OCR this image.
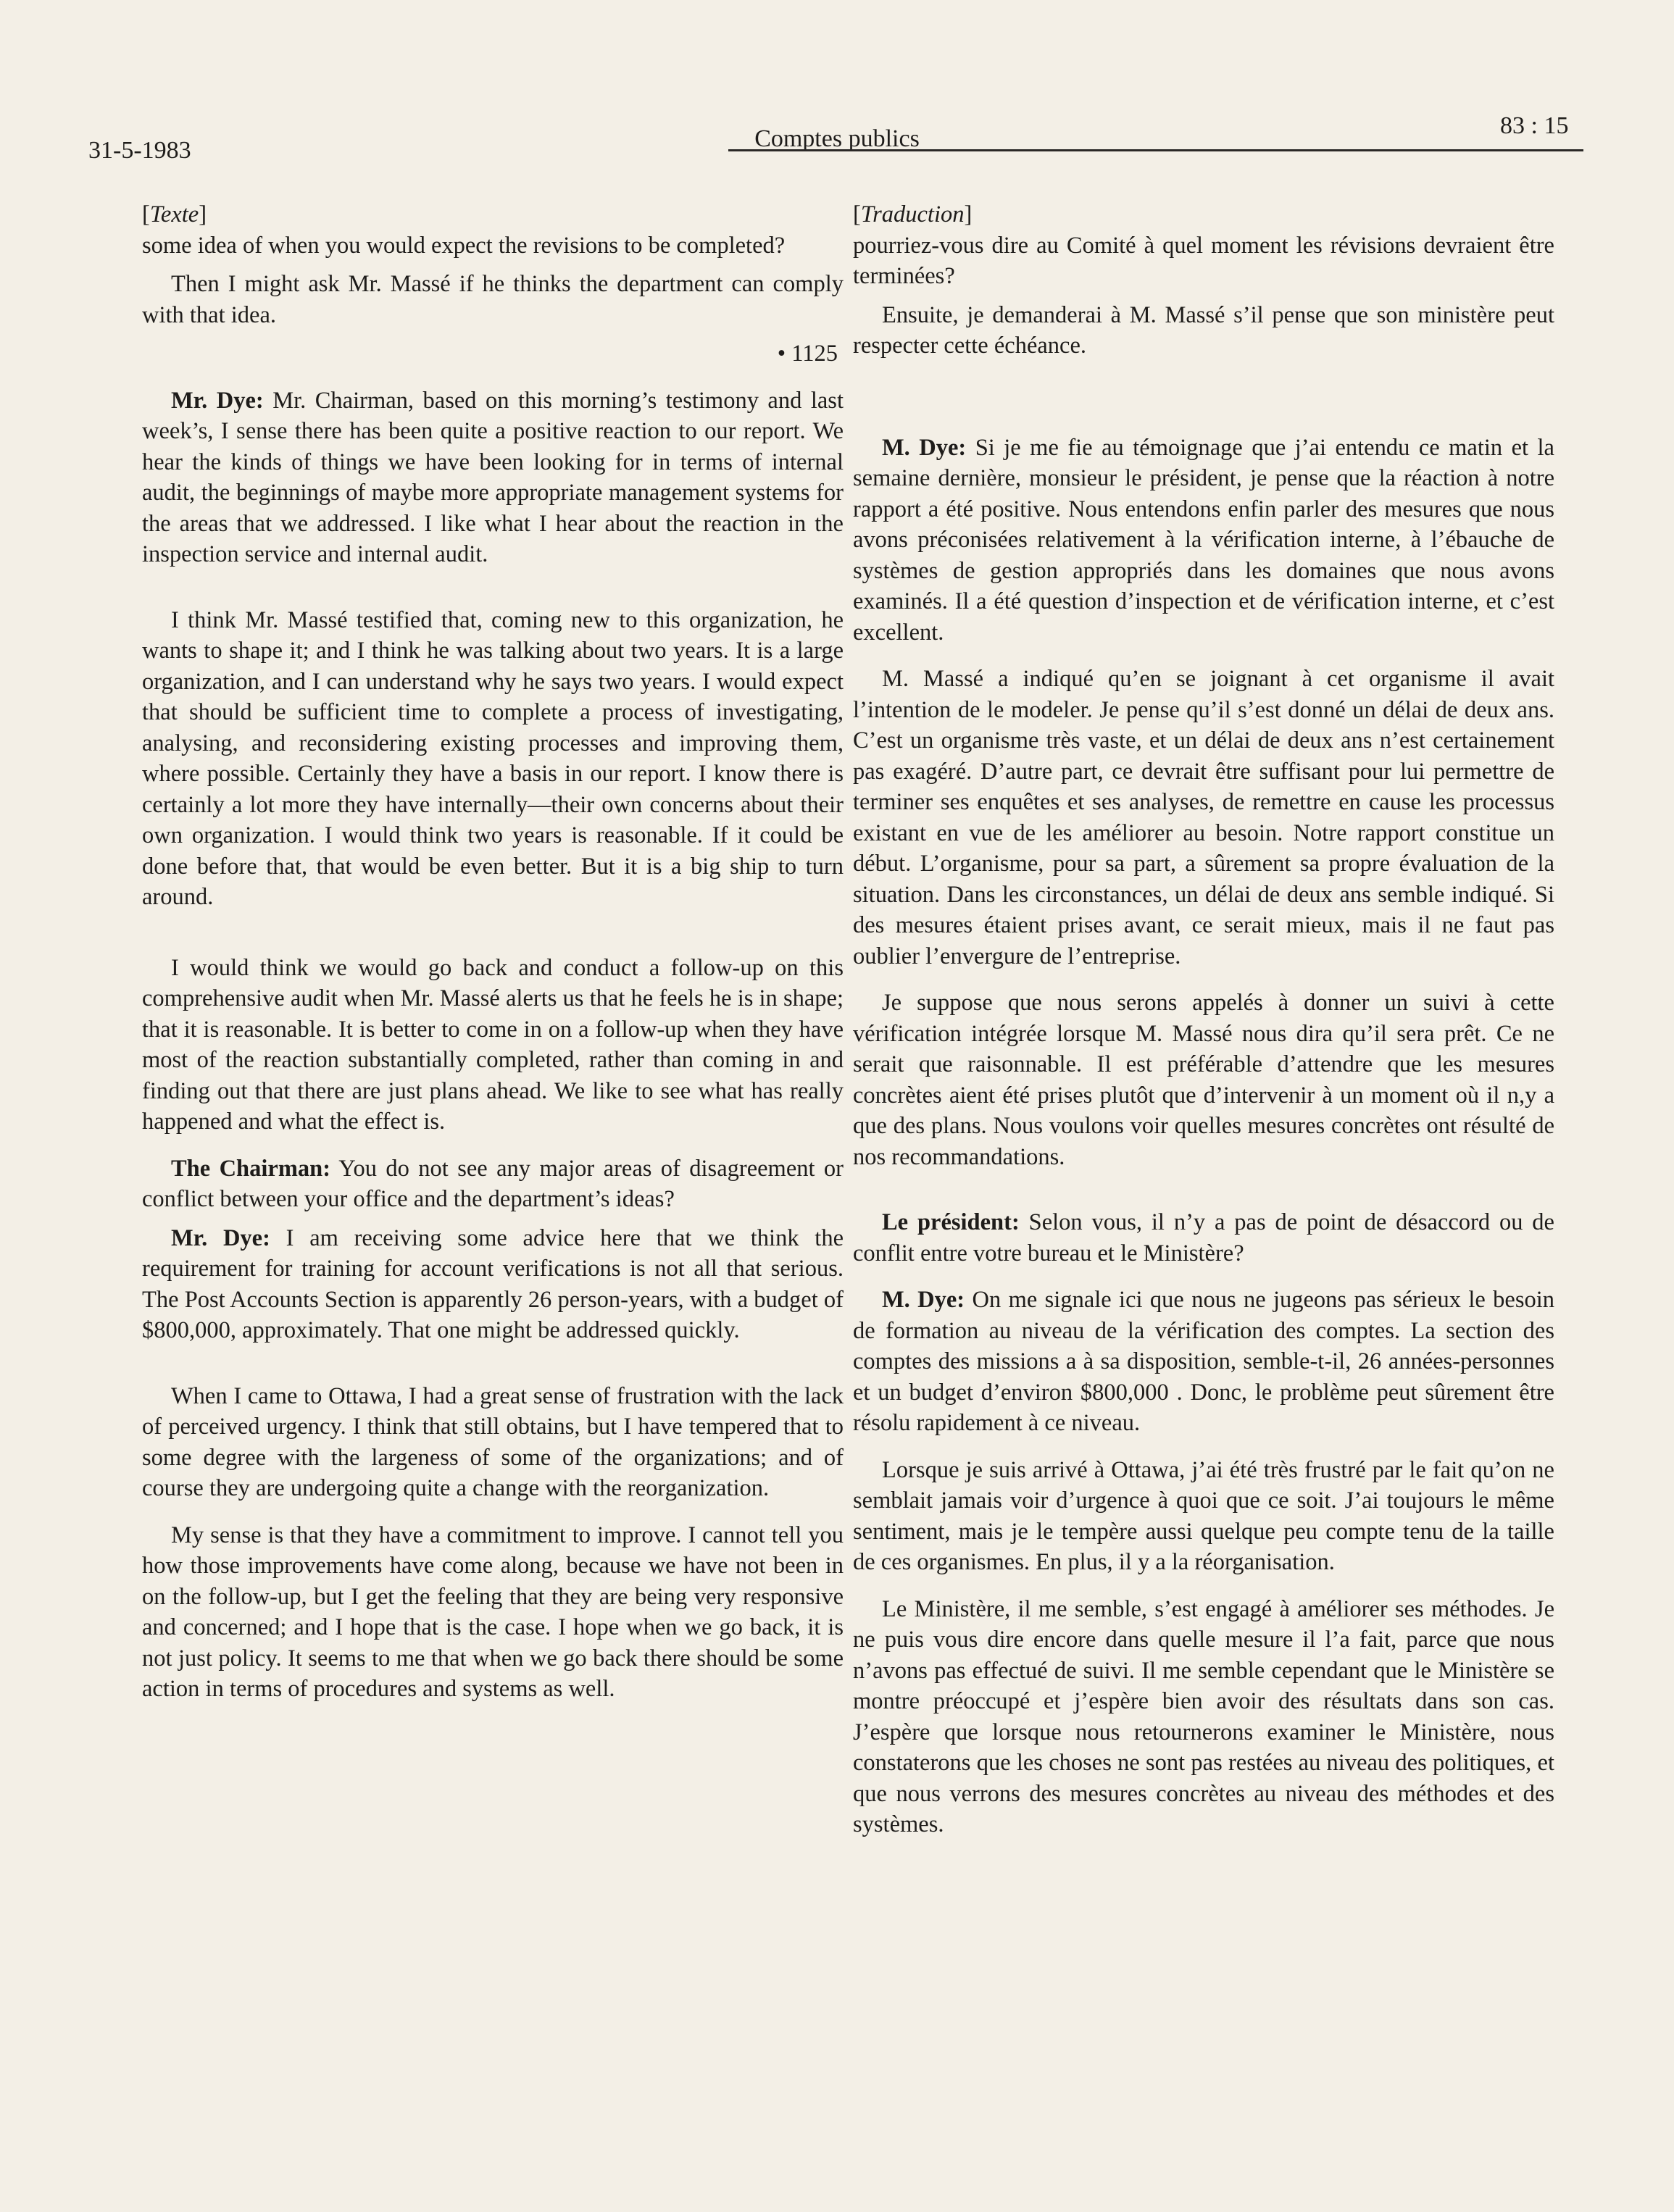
31-5-1983	Comptes publics	83 : 15

[Texte]

some idea of when you would expect the revisions to be completed?

Then I might ask Mr. Massé if he thinks the department can comply with that idea.

• 1125

Mr. Dye: Mr. Chairman, based on this morning’s testimony and last week’s, I sense there has been quite a positive reaction to our report. We hear the kinds of things we have been looking for in terms of internal audit, the beginnings of maybe more appropriate management systems for the areas that we addressed. I like what I hear about the reaction in the inspection service and internal audit.

I think Mr. Massé testified that, coming new to this organization, he wants to shape it; and I think he was talking about two years. It is a large organization, and I can understand why he says two years. I would expect that should be sufficient time to complete a process of investigating, analysing, and reconsidering existing processes and improving them, where possible. Certainly they have a basis in our report. I know there is certainly a lot more they have internally—their own concerns about their own organization. I would think two years is reasonable. If it could be done before that, that would be even better. But it is a big ship to turn around.

I would think we would go back and conduct a follow-up on this comprehensive audit when Mr. Massé alerts us that he feels he is in shape; that it is reasonable. It is better to come in on a follow-up when they have most of the reaction substantially completed, rather than coming in and finding out that there are just plans ahead. We like to see what has really happened and what the effect is.

The Chairman: You do not see any major areas of disagreement or conflict between your office and the department’s ideas?

Mr. Dye: I am receiving some advice here that we think the requirement for training for account verifications is not all that serious. The Post Accounts Section is apparently 26 person-years, with a budget of $800,000, approximately. That one might be addressed quickly.

When I came to Ottawa, I had a great sense of frustration with the lack of perceived urgency. I think that still obtains, but I have tempered that to some degree with the largeness of some of the organizations; and of course they are undergoing quite a change with the reorganization.

My sense is that they have a commitment to improve. I cannot tell you how those improvements have come along, because we have not been in on the follow-up, but I get the feeling that they are being very responsive and concerned; and I hope that is the case. I hope when we go back, it is not just policy. It seems to me that when we go back there should be some action in terms of procedures and systems as well.

[Traduction]

pourriez-vous dire au Comité à quel moment les révisions devraient être terminées?

Ensuite, je demanderai à M. Massé s’il pense que son ministère peut respecter cette échéance.

M. Dye: Si je me fie au témoignage que j’ai entendu ce matin et la semaine dernière, monsieur le président, je pense que la réaction à notre rapport a été positive. Nous entendons enfin parler des mesures que nous avons préconisées relativement à la vérification interne, à l’ébauche de systèmes de gestion appropriés dans les domaines que nous avons examinés. Il a été question d’inspection et de vérification interne, et c’est excellent.

M. Massé a indiqué qu’en se joignant à cet organisme il avait l’intention de le modeler. Je pense qu’il s’est donné un délai de deux ans. C’est un organisme très vaste, et un délai de deux ans n’est certainement pas exagéré. D’autre part, ce devrait être suffisant pour lui permettre de terminer ses enquêtes et ses analyses, de remettre en cause les processus existant en vue de les améliorer au besoin. Notre rapport constitue un début. L’organisme, pour sa part, a sûrement sa propre évaluation de la situation. Dans les circonstances, un délai de deux ans semble indiqué. Si des mesures étaient prises avant, ce serait mieux, mais il ne faut pas oublier l’envergure de l’entreprise.

Je suppose que nous serons appelés à donner un suivi à cette vérification intégrée lorsque M. Massé nous dira qu’il sera prêt. Ce ne serait que raisonnable. Il est préférable d’attendre que les mesures concrètes aient été prises plutôt que d’intervenir à un moment où il n,y a que des plans. Nous voulons voir quelles mesures concrètes ont résulté de nos recommandations.

Le président: Selon vous, il n’y a pas de point de désaccord ou de conflit entre votre bureau et le Ministère?

M. Dye: On me signale ici que nous ne jugeons pas sérieux le besoin de formation au niveau de la vérification des comptes. La section des comptes des missions a à sa disposition, semble-t-il, 26 années-personnes et un budget d’environ $800,000 . Donc, le problème peut sûrement être résolu rapidement à ce niveau.

Lorsque je suis arrivé à Ottawa, j’ai été très frustré par le fait qu’on ne semblait jamais voir d’urgence à quoi que ce soit. J’ai toujours le même sentiment, mais je le tempère aussi quelque peu compte tenu de la taille de ces organismes. En plus, il y a la réorganisation.

Le Ministère, il me semble, s’est engagé à améliorer ses méthodes. Je ne puis vous dire encore dans quelle mesure il l’a fait, parce que nous n’avons pas effectué de suivi. Il me semble cependant que le Ministère se montre préoccupé et j’espère bien avoir des résultats dans son cas. J’espère que lorsque nous retournerons examiner le Ministère, nous constaterons que les choses ne sont pas restées au niveau des politiques, et que nous verrons des mesures concrètes au niveau des méthodes et des systèmes.
